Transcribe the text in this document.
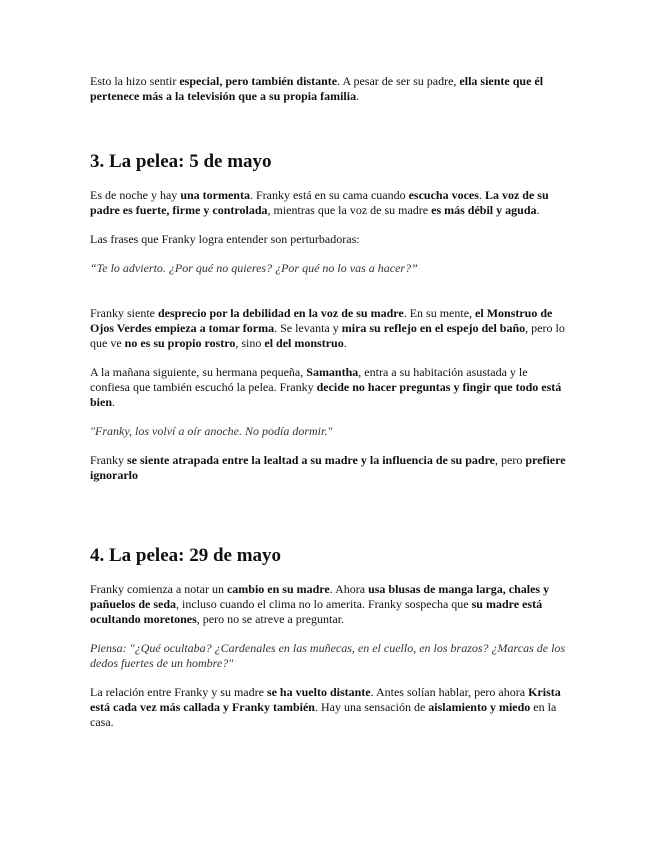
Esto la hizo sentir especial, pero también distante. A pesar de ser su padre, ella siente que él pertenece más a la televisión que a su propia familia.

3. La pelea: 5 de mayo

Es de noche y hay una tormenta. Franky está en su cama cuando escucha voces. La voz de su padre es fuerte, firme y controlada, mientras que la voz de su madre es más débil y aguda.

Las frases que Franky logra entender son perturbadoras:

“Te lo advierto. ¿Por qué no quieres? ¿Por qué no lo vas a hacer?”

Franky siente desprecio por la debilidad en la voz de su madre. En su mente, el Monstruo de Ojos Verdes empieza a tomar forma. Se levanta y mira su reflejo en el espejo del baño, pero lo que ve no es su propio rostro, sino el del monstruo.

A la mañana siguiente, su hermana pequeña, Samantha, entra a su habitación asustada y le confiesa que también escuchó la pelea. Franky decide no hacer preguntas y fingir que todo está bien.

"Franky, los volví a oír anoche. No podía dormir."

Franky se siente atrapada entre la lealtad a su madre y la influencia de su padre, pero prefiere ignorarlo

4. La pelea: 29 de mayo

Franky comienza a notar un cambio en su madre. Ahora usa blusas de manga larga, chales y pañuelos de seda, incluso cuando el clima no lo amerita. Franky sospecha que su madre está ocultando moretones, pero no se atreve a preguntar.

Piensa: "¿Qué ocultaba? ¿Cardenales en las muñecas, en el cuello, en los brazos? ¿Marcas de los dedos fuertes de un hombre?"

La relación entre Franky y su madre se ha vuelto distante. Antes solían hablar, pero ahora Krista está cada vez más callada y Franky también. Hay una sensación de aislamiento y miedo en la casa.
